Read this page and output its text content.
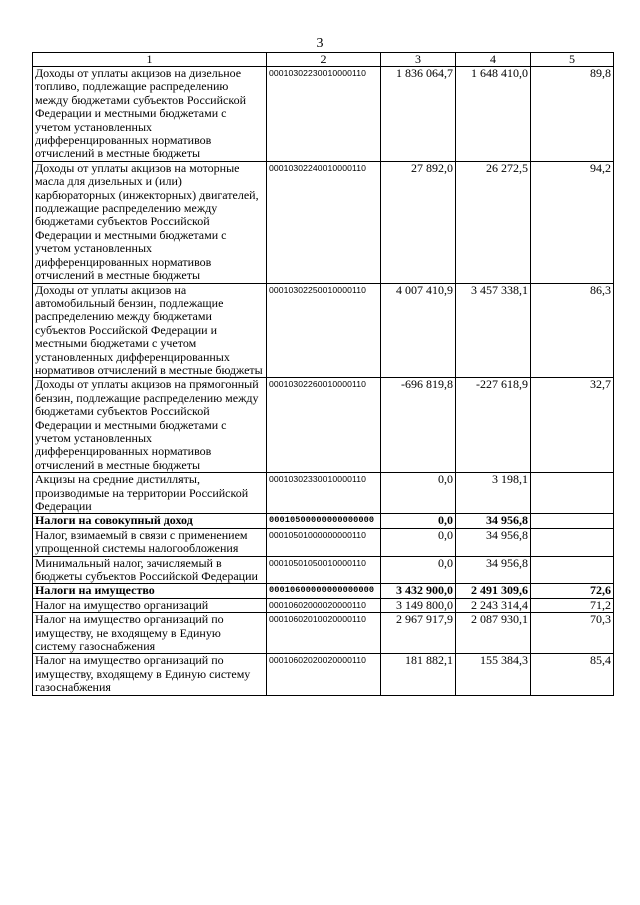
3
1	2	3	4	5
Доходы от уплаты акцизов на дизельное топливо, подлежащие распределению между бюджетами субъектов Российской Федерации и местными бюджетами с учетом установленных дифференцированных нормативов отчислений в местные бюджеты	00010302230010000110	1 836 064,7	1 648 410,0	89,8
Доходы от уплаты акцизов на моторные масла для дизельных и (или) карбюраторных (инжекторных) двигателей, подлежащие распределению между бюджетами субъектов Российской Федерации и местными бюджетами с учетом установленных дифференцированных нормативов отчислений в местные бюджеты	00010302240010000110	27 892,0	26 272,5	94,2
Доходы от уплаты акцизов на автомобильный бензин, подлежащие распределению между бюджетами субъектов Российской Федерации и местными бюджетами с учетом установленных дифференцированных нормативов отчислений в местные бюджеты	00010302250010000110	4 007 410,9	3 457 338,1	86,3
Доходы от уплаты акцизов на прямогонный бензин, подлежащие распределению между бюджетами субъектов Российской Федерации и местными бюджетами с учетом установленных дифференцированных нормативов отчислений в местные бюджеты	00010302260010000110	-696 819,8	-227 618,9	32,7
Акцизы на средние дистилляты, производимые на территории Российской Федерации	00010302330010000110	0,0	3 198,1	
Налоги на совокупный доход	00010500000000000000	0,0	34 956,8	
Налог, взимаемый в связи с применением упрощенной системы налогообложения	00010501000000000110	0,0	34 956,8	
Минимальный налог, зачисляемый в бюджеты субъектов Российской Федерации	00010501050010000110	0,0	34 956,8	
Налоги на имущество	00010600000000000000	3 432 900,0	2 491 309,6	72,6
Налог на имущество организаций	00010602000020000110	3 149 800,0	2 243 314,4	71,2
Налог на имущество организаций по имуществу, не входящему в Единую систему газоснабжения	00010602010020000110	2 967 917,9	2 087 930,1	70,3
Налог на имущество организаций по имуществу, входящему в Единую систему газоснабжения	00010602020020000110	181 882,1	155 384,3	85,4
